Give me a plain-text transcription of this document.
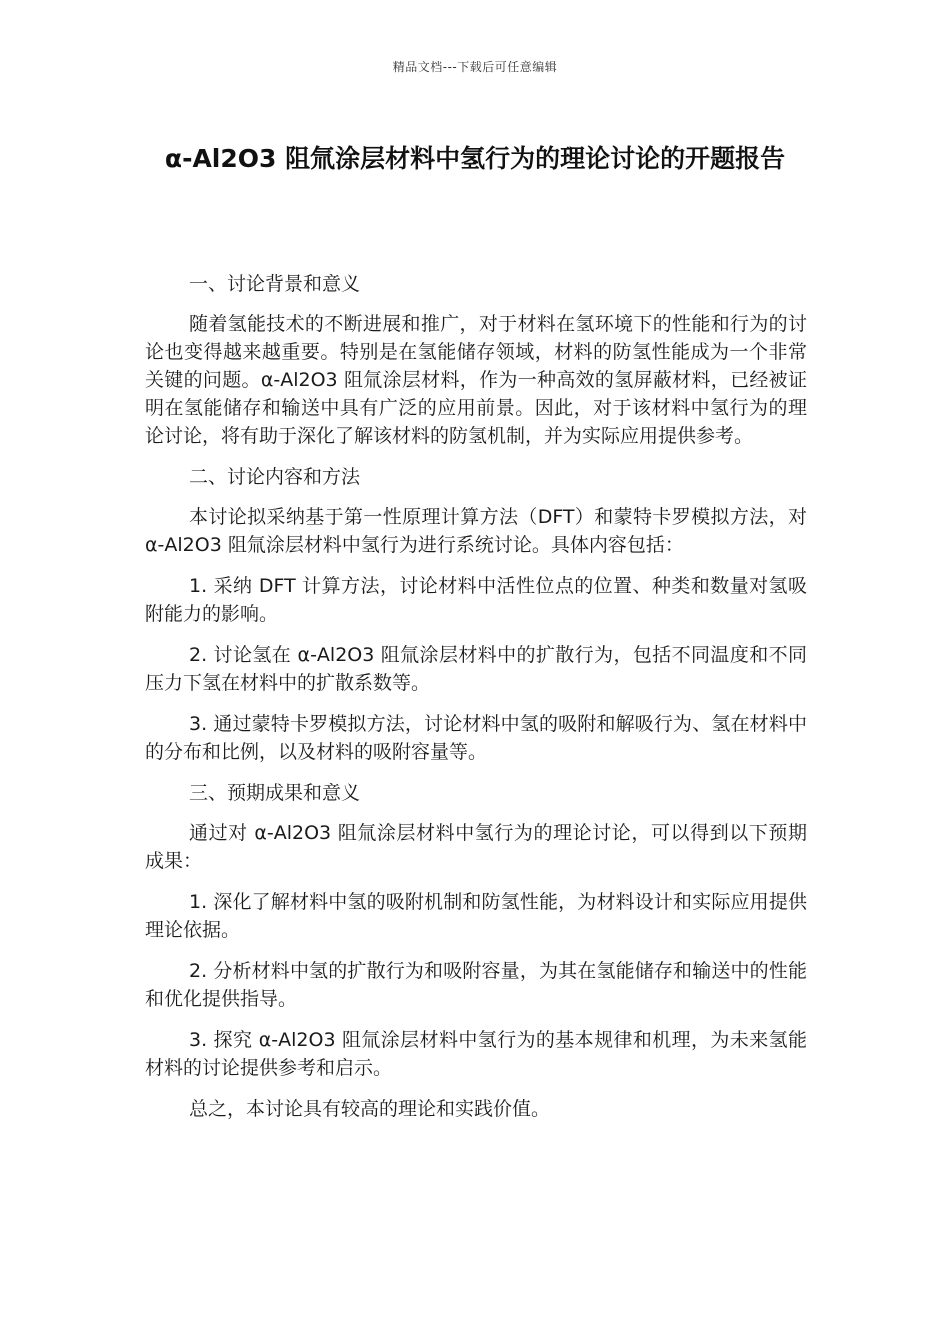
精品文档---下载后可任意编辑
α-Al2O3 阻氚涂层材料中氢行为的理论讨论的开题报告

一、讨论背景和意义

随着氢能技术的不断进展和推广，对于材料在氢环境下的性能和行为的讨论也变得越来越重要。特别是在氢能储存领域，材料的防氢性能成为一个非常关键的问题。α-Al2O3 阻氚涂层材料，作为一种高效的氢屏蔽材料，已经被证明在氢能储存和输送中具有广泛的应用前景。因此，对于该材料中氢行为的理论讨论，将有助于深化了解该材料的防氢机制，并为实际应用提供参考。

二、讨论内容和方法

本讨论拟采纳基于第一性原理计算方法（DFT）和蒙特卡罗模拟方法，对 α-Al2O3 阻氚涂层材料中氢行为进行系统讨论。具体内容包括：

1. 采纳 DFT 计算方法，讨论材料中活性位点的位置、种类和数量对氢吸附能力的影响。

2. 讨论氢在 α-Al2O3 阻氚涂层材料中的扩散行为，包括不同温度和不同压力下氢在材料中的扩散系数等。

3. 通过蒙特卡罗模拟方法，讨论材料中氢的吸附和解吸行为、氢在材料中的分布和比例，以及材料的吸附容量等。

三、预期成果和意义

通过对 α-Al2O3 阻氚涂层材料中氢行为的理论讨论，可以得到以下预期成果：

1. 深化了解材料中氢的吸附机制和防氢性能，为材料设计和实际应用提供理论依据。

2. 分析材料中氢的扩散行为和吸附容量，为其在氢能储存和输送中的性能和优化提供指导。

3. 探究 α-Al2O3 阻氚涂层材料中氢行为的基本规律和机理，为未来氢能材料的讨论提供参考和启示。

总之，本讨论具有较高的理论和实践价值。
